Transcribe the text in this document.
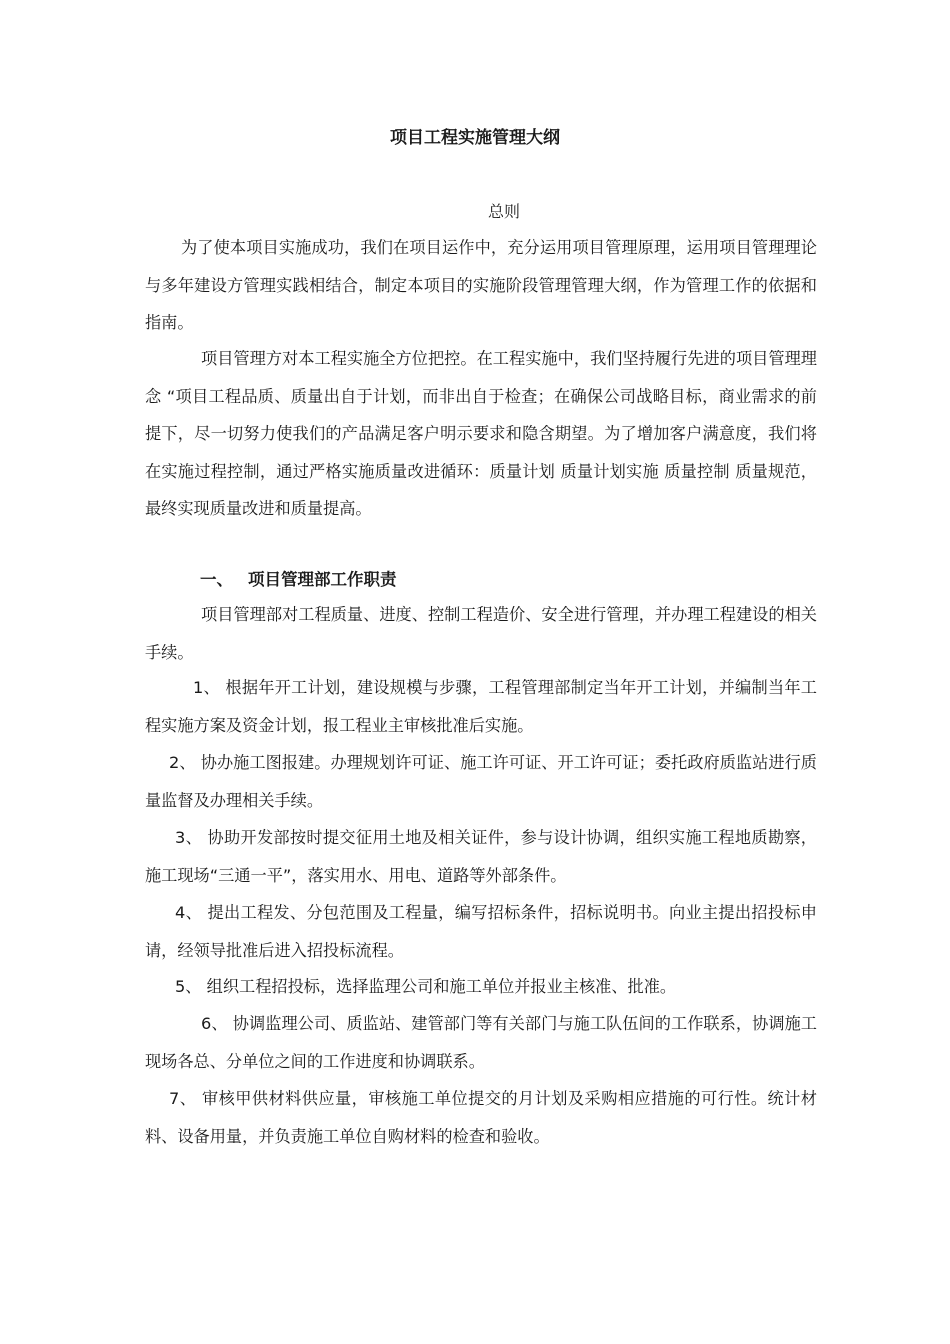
项目工程实施管理大纲
总则

为了使本项目实施成功，我们在项目运作中，充分运用项目管理原理，运用项目管理理论与多年建设方管理实践相结合，制定本项目的实施阶段管理管理大纲，作为管理工作的依据和指南。

项目管理方对本工程实施全方位把控。在工程实施中，我们坚持履行先进的项目管理理念 “项目工程品质、质量出自于计划，而非出自于检查；在确保公司战略目标，商业需求的前提下，尽一切努力使我们的产品满足客户明示要求和隐含期望。为了增加客户满意度，我们将在实施过程控制，通过严格实施质量改进循环：质量计划 质量计划实施 质量控制 质量规范，最终实现质量改进和质量提高。

一、 项目管理部工作职责

项目管理部对工程质量、进度、控制工程造价、安全进行管理，并办理工程建设的相关手续。

1、 根据年开工计划，建设规模与步骤，工程管理部制定当年开工计划，并编制当年工程实施方案及资金计划，报工程业主审核批准后实施。

2、 协办施工图报建。办理规划许可证、施工许可证、开工许可证；委托政府质监站进行质量监督及办理相关手续。

3、 协助开发部按时提交征用土地及相关证件，参与设计协调，组织实施工程地质勘察，施工现场“三通一平”，落实用水、用电、道路等外部条件。

4、 提出工程发、分包范围及工程量，编写招标条件，招标说明书。向业主提出招投标申请，经领导批准后进入招投标流程。

5、 组织工程招投标，选择监理公司和施工单位并报业主核准、批准。

6、 协调监理公司、质监站、建管部门等有关部门与施工队伍间的工作联系，协调施工现场各总、分单位之间的工作进度和协调联系。

7、 审核甲供材料供应量，审核施工单位提交的月计划及采购相应措施的可行性。统计材料、设备用量，并负责施工单位自购材料的检查和验收。
